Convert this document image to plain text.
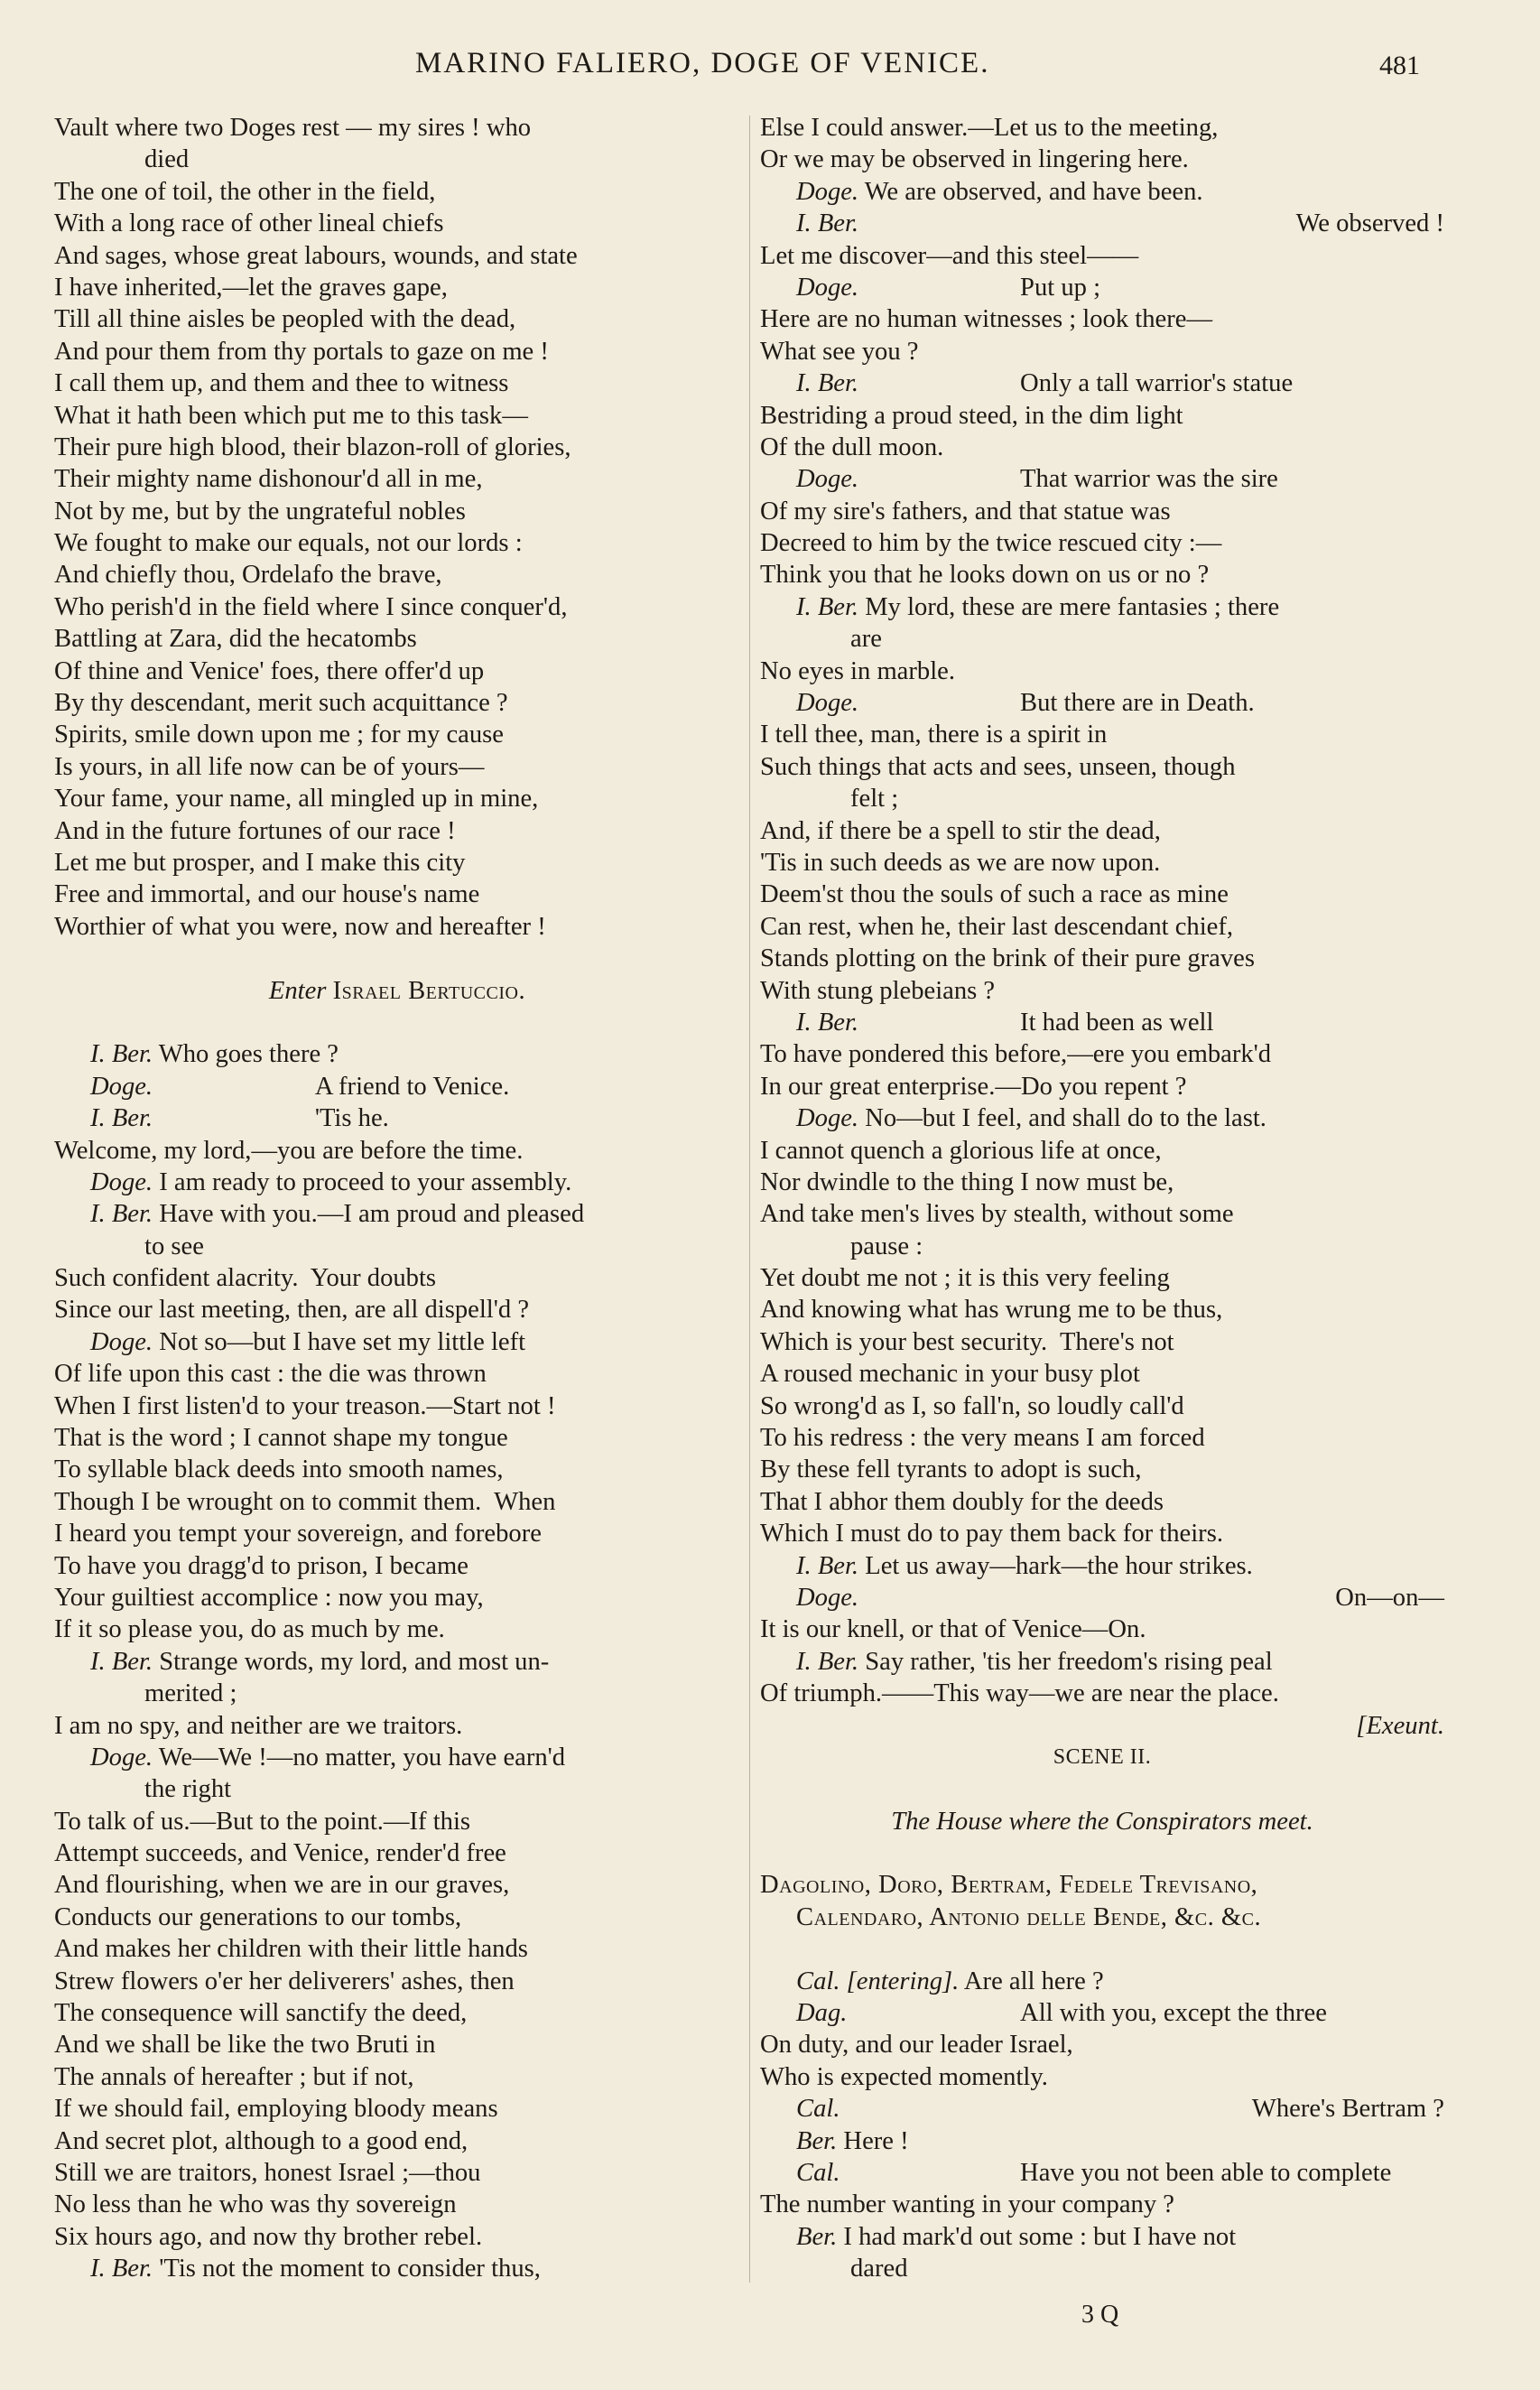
MARINO FALIERO, DOGE OF VENICE.	481
Vault where two Doges rest — my sires ! who
died
The one of toil, the other in the field,
With a long race of other lineal chiefs
And sages, whose great labours, wounds, and state
I have inherited,—let the graves gape,
Till all thine aisles be peopled with the dead,
And pour them from thy portals to gaze on me !
I call them up, and them and thee to witness
What it hath been which put me to this task—
Their pure high blood, their blazon-roll of glories,
Their mighty name dishonour'd all in me,
Not by me, but by the ungrateful nobles
We fought to make our equals, not our lords :
And chiefly thou, Ordelafo the brave,
Who perish'd in the field where I since conquer'd,
Battling at Zara, did the hecatombs
Of thine and Venice' foes, there offer'd up
By thy descendant, merit such acquittance ?
Spirits, smile down upon me ; for my cause
Is yours, in all life now can be of yours—
Your fame, your name, all mingled up in mine,
And in the future fortunes of our race !
Let me but prosper, and I make this city
Free and immortal, and our house's name
Worthier of what you were, now and hereafter !
Enter Israel Bertuccio.
I. Ber. Who goes there ?
Doge.	A friend to Venice.
I. Ber.	'Tis he.
Welcome, my lord,—you are before the time.
Doge. I am ready to proceed to your assembly.
I. Ber. Have with you.—I am proud and pleased
to see
Such confident alacrity.  Your doubts
Since our last meeting, then, are all dispell'd ?
Doge. Not so—but I have set my little left
Of life upon this cast : the die was thrown
When I first listen'd to your treason.—Start not !
That is the word ; I cannot shape my tongue
To syllable black deeds into smooth names,
Though I be wrought on to commit them.  When
I heard you tempt your sovereign, and forebore
To have you dragg'd to prison, I became
Your guiltiest accomplice : now you may,
If it so please you, do as much by me.
I. Ber. Strange words, my lord, and most un-
merited ;
I am no spy, and neither are we traitors.
Doge. We—We !—no matter, you have earn'd
the right
To talk of us.—But to the point.—If this
Attempt succeeds, and Venice, render'd free
And flourishing, when we are in our graves,
Conducts our generations to our tombs,
And makes her children with their little hands
Strew flowers o'er her deliverers' ashes, then
The consequence will sanctify the deed,
And we shall be like the two Bruti in
The annals of hereafter ; but if not,
If we should fail, employing bloody means
And secret plot, although to a good end,
Still we are traitors, honest Israel ;—thou
No less than he who was thy sovereign
Six hours ago, and now thy brother rebel.
I. Ber. 'Tis not the moment to consider thus,
Else I could answer.—Let us to the meeting,
Or we may be observed in lingering here.
Doge. We are observed, and have been.
I. Ber.	We observed !
Let me discover—and this steel——
Doge.	Put up ;
Here are no human witnesses ; look there—
What see you ?
I. Ber.	Only a tall warrior's statue
Bestriding a proud steed, in the dim light
Of the dull moon.
Doge.	That warrior was the sire
Of my sire's fathers, and that statue was
Decreed to him by the twice rescued city :—
Think you that he looks down on us or no ?
I. Ber. My lord, these are mere fantasies ; there
are
No eyes in marble.
Doge.	But there are in Death.
I tell thee, man, there is a spirit in
Such things that acts and sees, unseen, though
felt ;
And, if there be a spell to stir the dead,
'Tis in such deeds as we are now upon.
Deem'st thou the souls of such a race as mine
Can rest, when he, their last descendant chief,
Stands plotting on the brink of their pure graves
With stung plebeians ?
I. Ber.	It had been as well
To have pondered this before,—ere you embark'd
In our great enterprise.—Do you repent ?
Doge. No—but I feel, and shall do to the last.
I cannot quench a glorious life at once,
Nor dwindle to the thing I now must be,
And take men's lives by stealth, without some
pause :
Yet doubt me not ; it is this very feeling
And knowing what has wrung me to be thus,
Which is your best security.  There's not
A roused mechanic in your busy plot
So wrong'd as I, so fall'n, so loudly call'd
To his redress : the very means I am forced
By these fell tyrants to adopt is such,
That I abhor them doubly for the deeds
Which I must do to pay them back for theirs.
I. Ber. Let us away—hark—the hour strikes.
Doge.	On—on—
It is our knell, or that of Venice—On.
I. Ber. Say rather, 'tis her freedom's rising peal
Of triumph.——This way—we are near the place.
[Exeunt.
SCENE II.
The House where the Conspirators meet.
Dagolino, Doro, Bertram, Fedele Trevisano,
Calendaro, Antonio delle Bende, &c. &c.
Cal. [entering]. Are all here ?
Dag.	All with you, except the three
On duty, and our leader Israel,
Who is expected momently.
Cal.	Where's Bertram ?
Ber. Here !
Cal.	Have you not been able to complete
The number wanting in your company ?
Ber. I had mark'd out some : but I have not
dared
3 Q
